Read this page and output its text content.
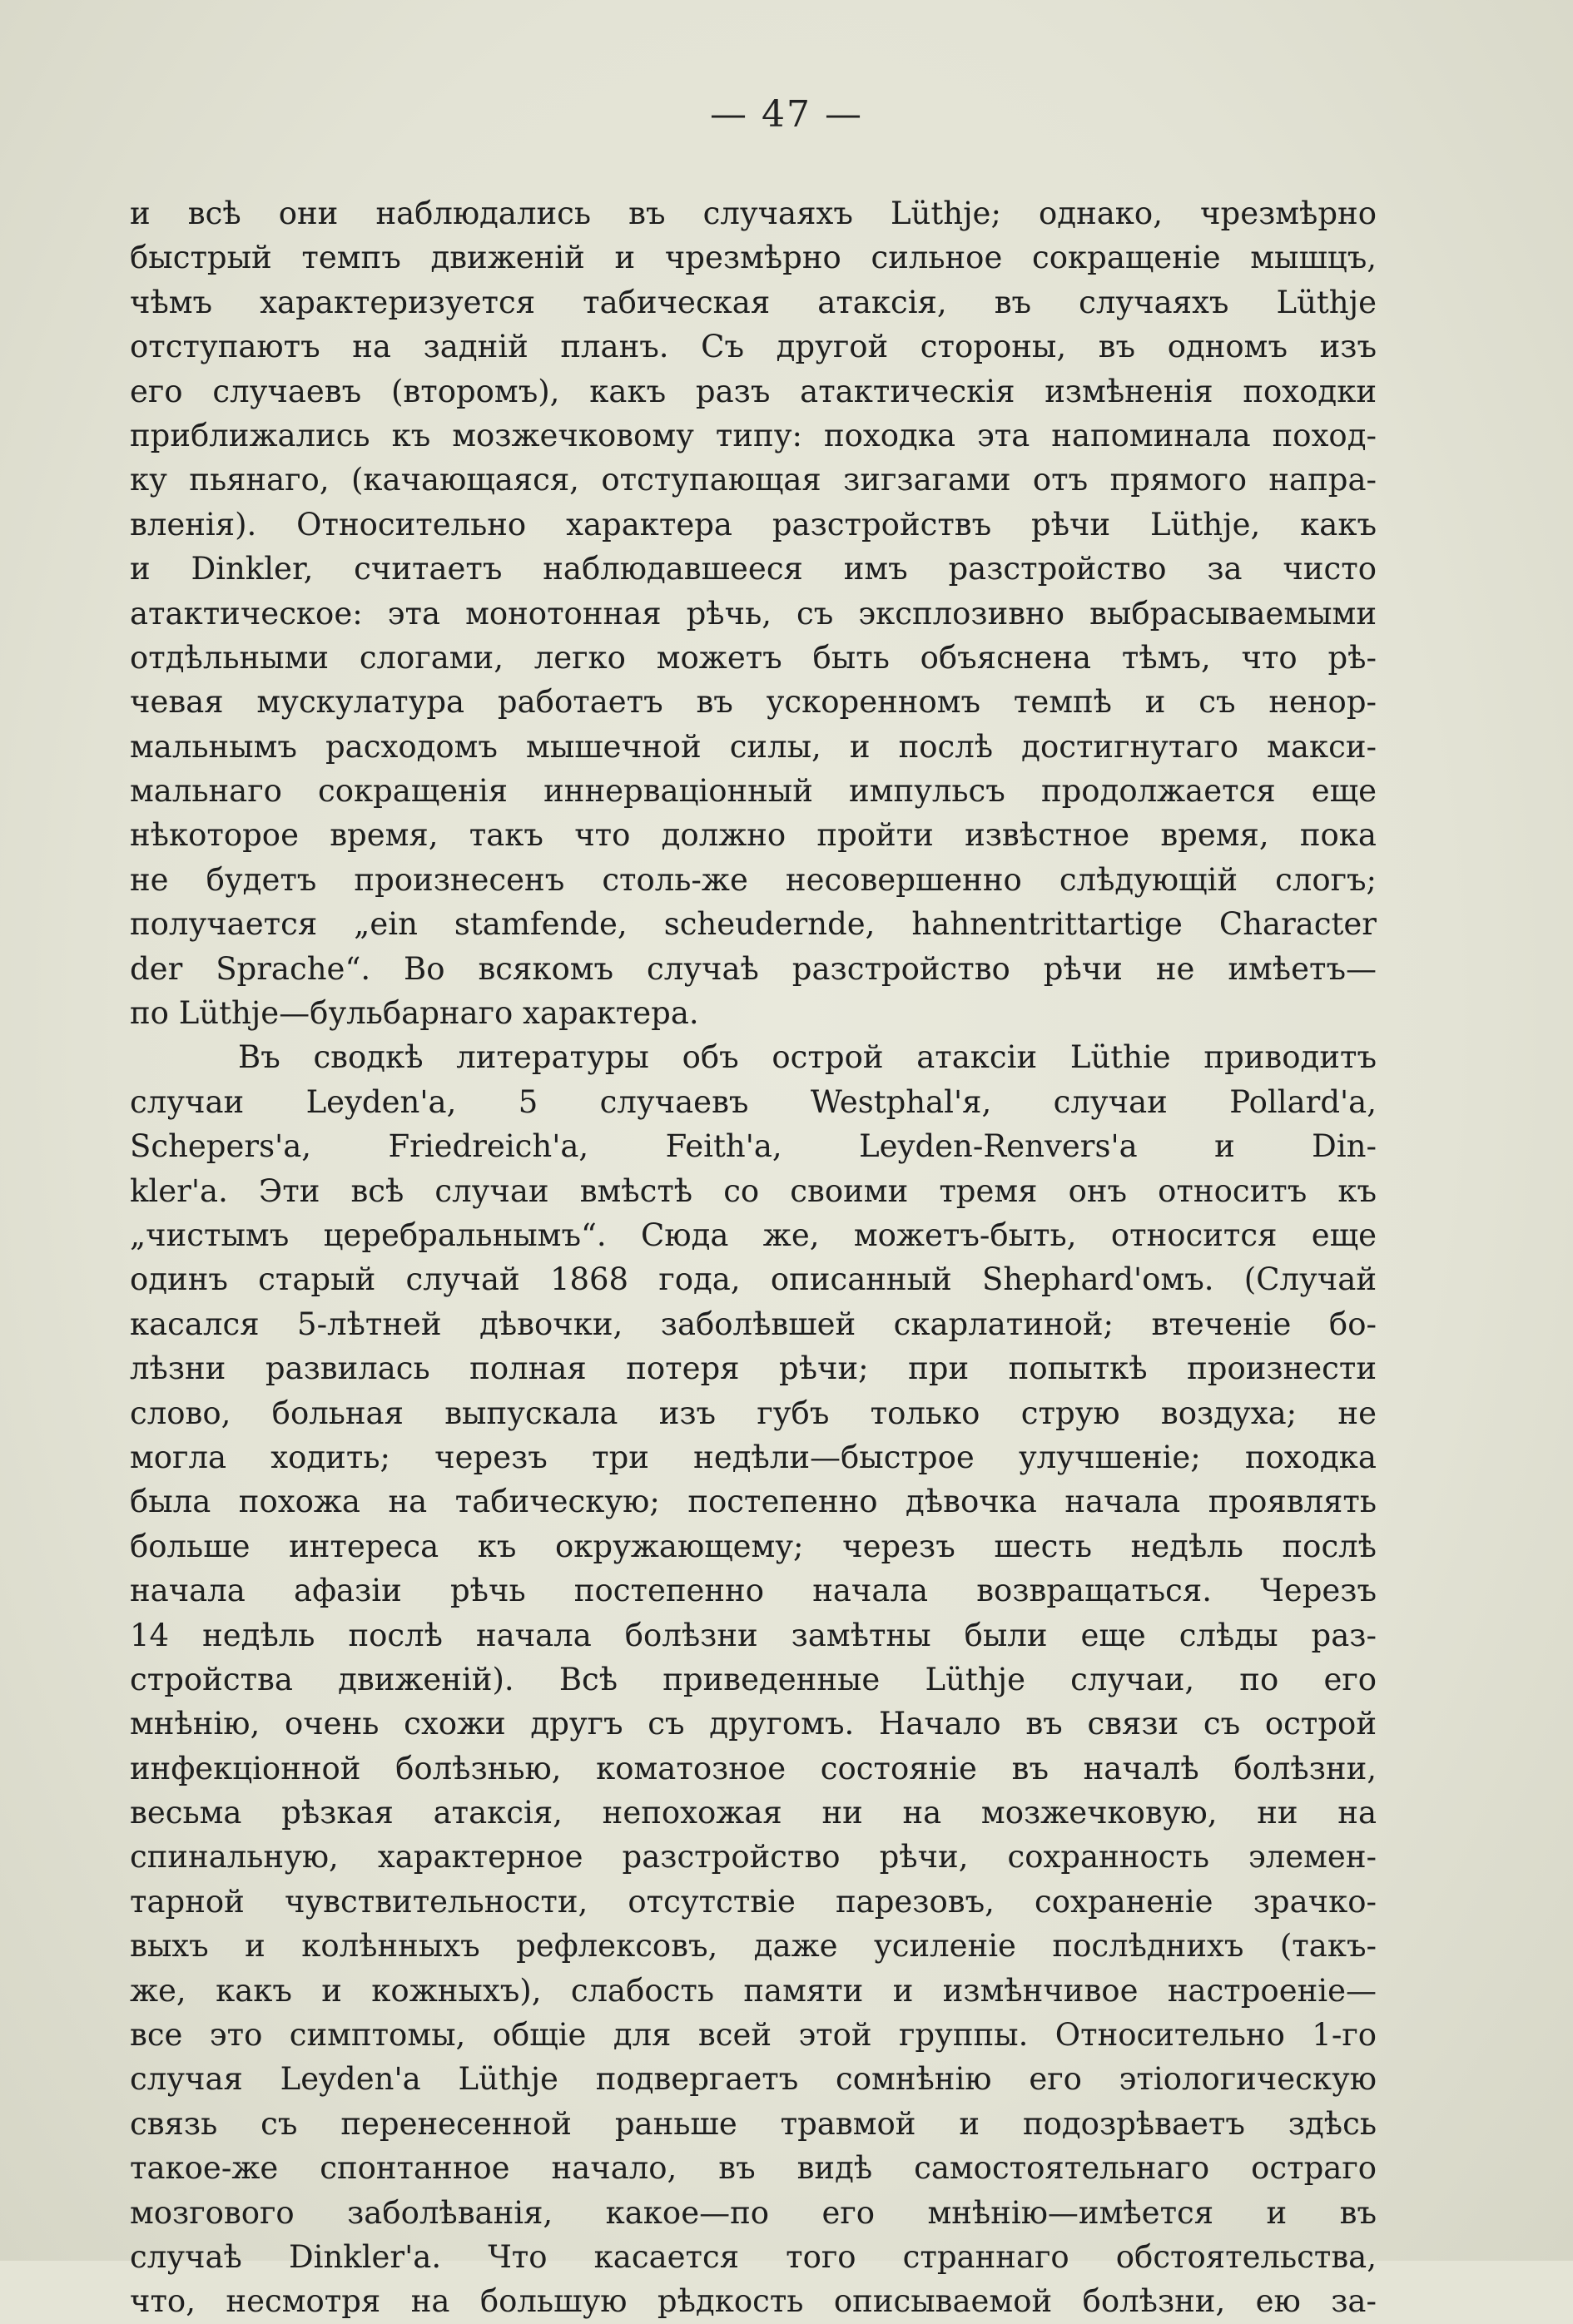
— 47 —
и всѣ они наблюдались въ случаяхъ Lüthje; однако, чрезмѣрно
быстрый темпъ движенiй и чрезмѣрно сильное сокращенiе мышцъ,
чѣмъ характеризуется табическая атаксiя, въ случаяхъ Lüthje
отступаютъ на заднiй планъ. Съ другой стороны, въ одномъ изъ
его случаевъ (второмъ), какъ разъ атактическiя измѣненiя походки
приближались къ мозжечковому типу: походка эта напоминала поход-
ку пьянаго, (качающаяся, отступающая зигзагами отъ прямого напра-
вленiя). Относительно характера разстройствъ рѣчи Lüthje, какъ
и Dinkler, считаетъ наблюдавшееся имъ разстройство за чисто
атактическое: эта монотонная рѣчь, съ эксплозивно выбрасываемыми
отдѣльными слогами, легко можетъ быть объяснена тѣмъ, что рѣ-
чевая мускулатура работаетъ въ ускоренномъ темпѣ и съ ненор-
мальнымъ расходомъ мышечной силы, и послѣ достигнутаго макси-
мальнаго сокращенiя иннервацiонный импульсъ продолжается еще
нѣкоторое время, такъ что должно пройти извѣстное время, пока
не будетъ произнесенъ столь-же несовершенно слѣдующiй слогъ;
получается „ein stamfende, scheudernde, hahnentrittartige Character
der Sprache“. Во всякомъ случаѣ разстройство рѣчи не имѣетъ—
по Lüthje—бульбарнаго характера.
Въ сводкѣ литературы объ острой атаксiи Lüthie приводитъ
случаи Leyden'a, 5 случаевъ Westphal'я, случаи Pollard'a,
Schepers'a, Friedreich'a, Feith'a, Leyden-Renvers'a и Din-
kler'a. Эти всѣ случаи вмѣстѣ со своими тремя онъ относитъ къ
„чистымъ церебральнымъ“. Сюда же, можетъ-быть, относится еще
одинъ старый случай 1868 года, описанный Shephard'омъ. (Случай
касался 5-лѣтней дѣвочки, заболѣвшей скарлатиной; втеченiе бо-
лѣзни развилась полная потеря рѣчи; при попыткѣ произнести
слово, больная выпускала изъ губъ только струю воздуха; не
могла ходить; черезъ три недѣли—быстрое улучшенiе; походка
была похожа на табическую; постепенно дѣвочка начала проявлять
больше интереса къ окружающему; черезъ шесть недѣль послѣ
начала афазiи рѣчь постепенно начала возвращаться. Черезъ
14 недѣль послѣ начала болѣзни замѣтны были еще слѣды раз-
стройства движенiй). Всѣ приведенные Lüthje случаи, по его
мнѣнiю, очень схожи другъ съ другомъ. Начало въ связи съ острой
инфекцiонной болѣзнью, коматозное состоянiе въ началѣ болѣзни,
весьма рѣзкая атаксiя, непохожая ни на мозжечковую, ни на
спинальную, характерное разстройство рѣчи, сохранность элемен-
тарной чувствительности, отсутствiе парезовъ, сохраненiе зрачко-
выхъ и колѣнныхъ рефлексовъ, даже усиленiе послѣднихъ (такъ-
же, какъ и кожныхъ), слабость памяти и измѣнчивое настроенiе—
все это симптомы, общiе для всей этой группы. Относительно 1-го
случая Leyden'a Lüthje подвергаетъ сомнѣнiю его этiологическую
связь съ перенесенной раньше травмой и подозрѣваетъ здѣсь
такое-же спонтанное начало, въ видѣ самостоятельнаго остраго
мозгового заболѣванiя, какое—по его мнѣнiю—имѣется и въ
случаѣ Dinkler'a. Что касается того страннаго обстоятельства,
что, несмотря на большую рѣдкость описываемой болѣзни, ею за-
